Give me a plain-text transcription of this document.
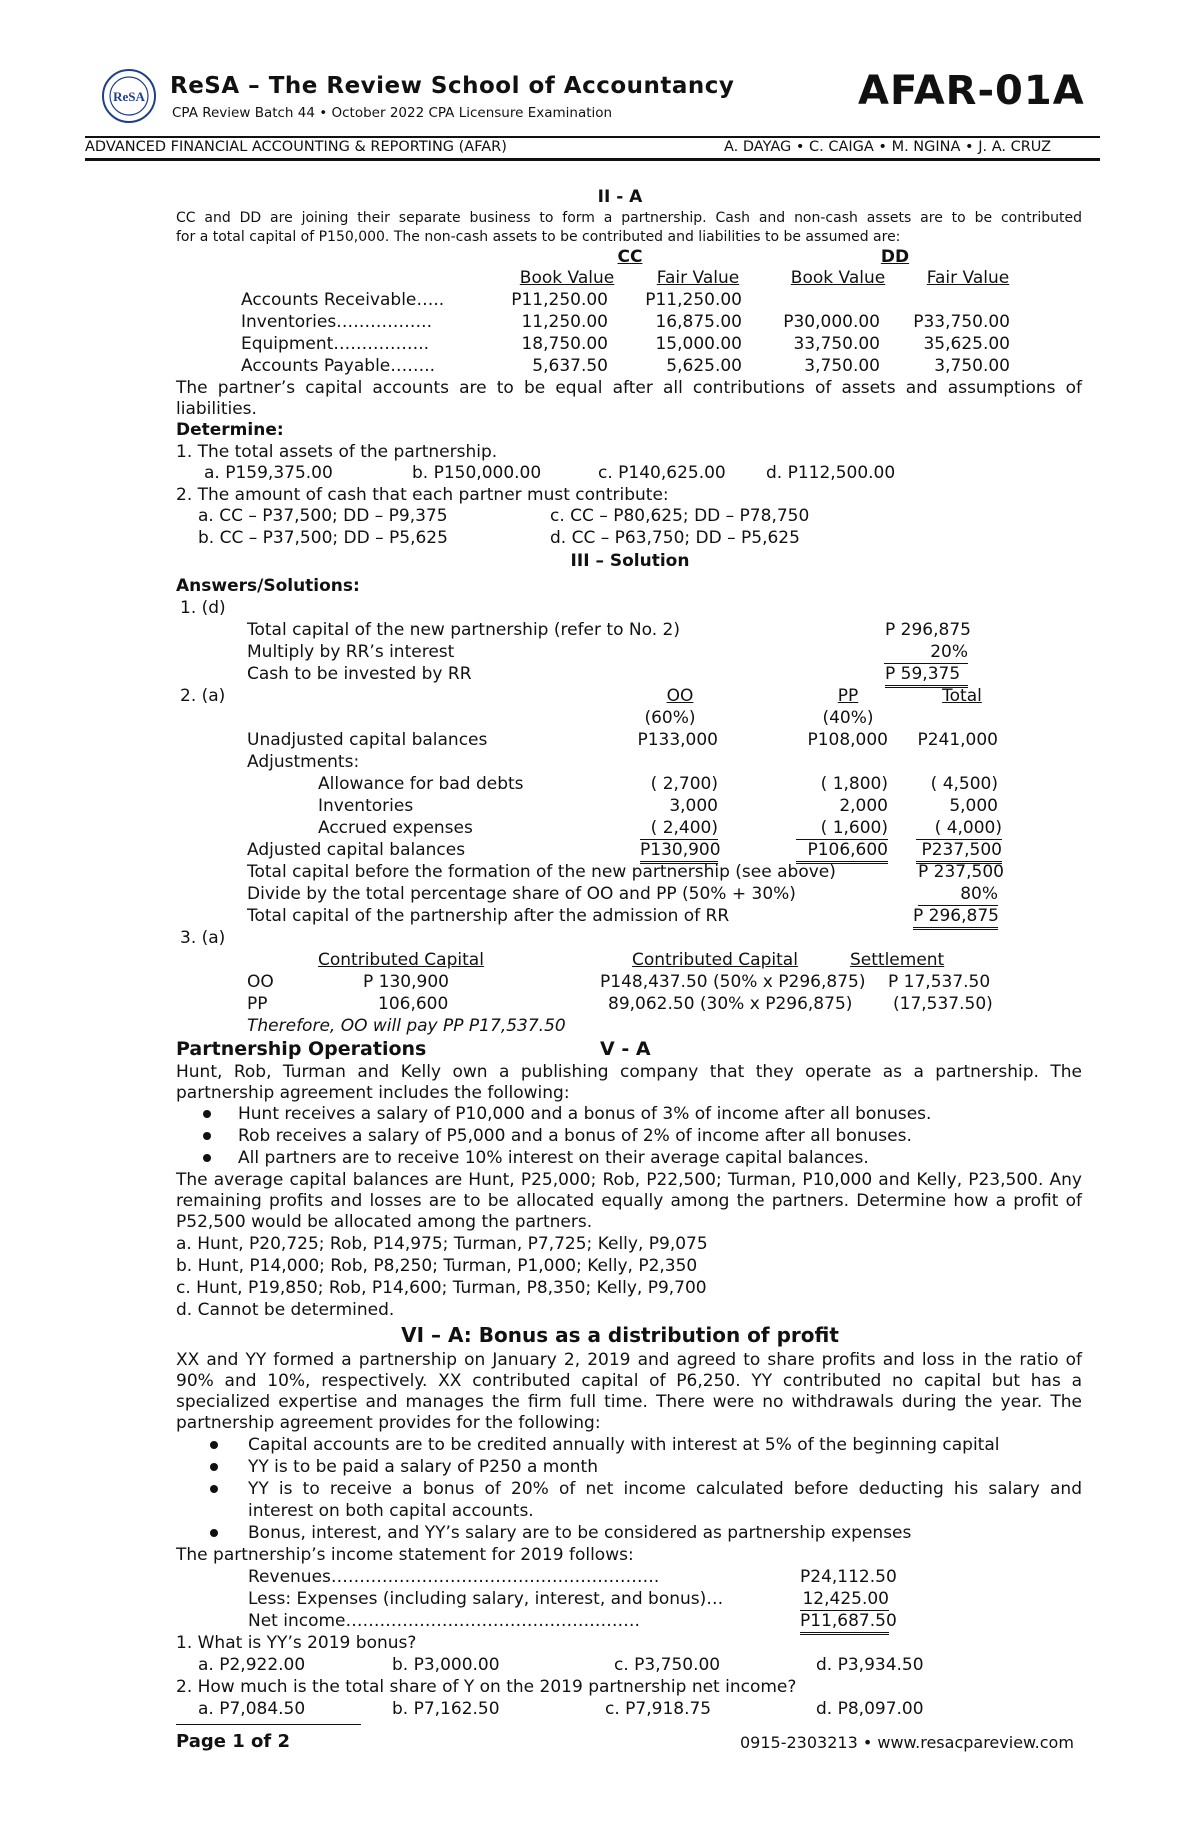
ReSA ReSA – The Review School of Accountancy
CPA Review Batch 44 • October 2022 CPA Licensure Examination	AFAR-01A
ADVANCED FINANCIAL ACCOUNTING & REPORTING (AFAR)	A. DAYAG • C. CAIGA • M. NGINA • J. A. CRUZ
II - A
CC and DD are joining their separate business to form a partnership. Cash and non-cash assets are to be contributed
for a total capital of P150,000. The non-cash assets to be contributed and liabilities to be assumed are:
CC	DD
Book Value	Fair Value	Book Value	Fair Value
Accounts Receivable…..	P11,250.00	P11,250.00
Inventories……………..	11,250.00	16,875.00	P30,000.00	P33,750.00
Equipment……………..	18,750.00	15,000.00	33,750.00	35,625.00
Accounts Payable……..	5,637.50	5,625.00	3,750.00	3,750.00
The partner’s capital accounts are to be equal after all contributions of assets and assumptions of
liabilities.
Determine:
1. The total assets of the partnership.
a. P159,375.00	b. P150,000.00	c. P140,625.00 d. P112,500.00
2. The amount of cash that each partner must contribute:
a. CC – P37,500; DD – P9,375	c. CC – P80,625; DD – P78,750
b. CC – P37,500; DD – P5,625	d. CC – P63,750; DD – P5,625
III – Solution
Answers/Solutions:
1. (d)
Total capital of the new partnership (refer to No. 2)	P 296,875
Multiply by RR’s interest	20%
Cash to be invested by RR	P 59,375
2. (a)	OO	PP	Total
(60%)	(40%)
Unadjusted capital balances	P133,000	P108,000	P241,000
Adjustments:
Allowance for bad debts	( 2,700)	( 1,800)	( 4,500)
Inventories	3,000	2,000	5,000
Accrued expenses	( 2,400)	( 1,600)	( 4,000)
Adjusted capital balances	P130,900	P106,600	P237,500
Total capital before the formation of the new partnership (see above)	P 237,500
Divide by the total percentage share of OO and PP (50% + 30%)	80%
Total capital of the partnership after the admission of RR	P 296,875
3. (a)
Contributed Capital	Contributed Capital	Settlement
OO	P 130,900	P148,437.50 (50% x P296,875) P 17,537.50
PP	106,600	89,062.50 (30% x P296,875) (17,537.50)
Therefore, OO will pay PP P17,537.50
Partnership Operations	V - A
Hunt, Rob, Turman and Kelly own a publishing company that they operate as a partnership. The
partnership agreement includes the following:
Hunt receives a salary of P10,000 and a bonus of 3% of income after all bonuses.
Rob receives a salary of P5,000 and a bonus of 2% of income after all bonuses.
All partners are to receive 10% interest on their average capital balances.
The average capital balances are Hunt, P25,000; Rob, P22,500; Turman, P10,000 and Kelly, P23,500. Any
remaining profits and losses are to be allocated equally among the partners. Determine how a profit of
P52,500 would be allocated among the partners.
a. Hunt, P20,725; Rob, P14,975; Turman, P7,725; Kelly, P9,075
b. Hunt, P14,000; Rob, P8,250; Turman, P1,000; Kelly, P2,350
c. Hunt, P19,850; Rob, P14,600; Turman, P8,350; Kelly, P9,700
d. Cannot be determined.
VI – A: Bonus as a distribution of profit
XX and YY formed a partnership on January 2, 2019 and agreed to share profits and loss in the ratio of
90% and 10%, respectively. XX contributed capital of P6,250. YY contributed no capital but has a
specialized expertise and manages the firm full time. There were no withdrawals during the year. The
partnership agreement provides for the following:
Capital accounts are to be credited annually with interest at 5% of the beginning capital
YY is to be paid a salary of P250 a month
YY is to receive a bonus of 20% of net income calculated before deducting his salary and
interest on both capital accounts.
Bonus, interest, and YY’s salary are to be considered as partnership expenses
The partnership’s income statement for 2019 follows:
Revenues………………………………………………….	P24,112.50
Less: Expenses (including salary, interest, and bonus)…	12,425.00
Net income…………………………………………….	P11,687.50
1. What is YY’s 2019 bonus?
a. P2,922.00	b. P3,000.00	c. P3,750.00	d. P3,934.50
2. How much is the total share of Y on the 2019 partnership net income?
a. P7,084.50	b. P7,162.50	c. P7,918.75	d. P8,097.00
Page 1 of 2	0915-2303213 • www.resacpareview.com
